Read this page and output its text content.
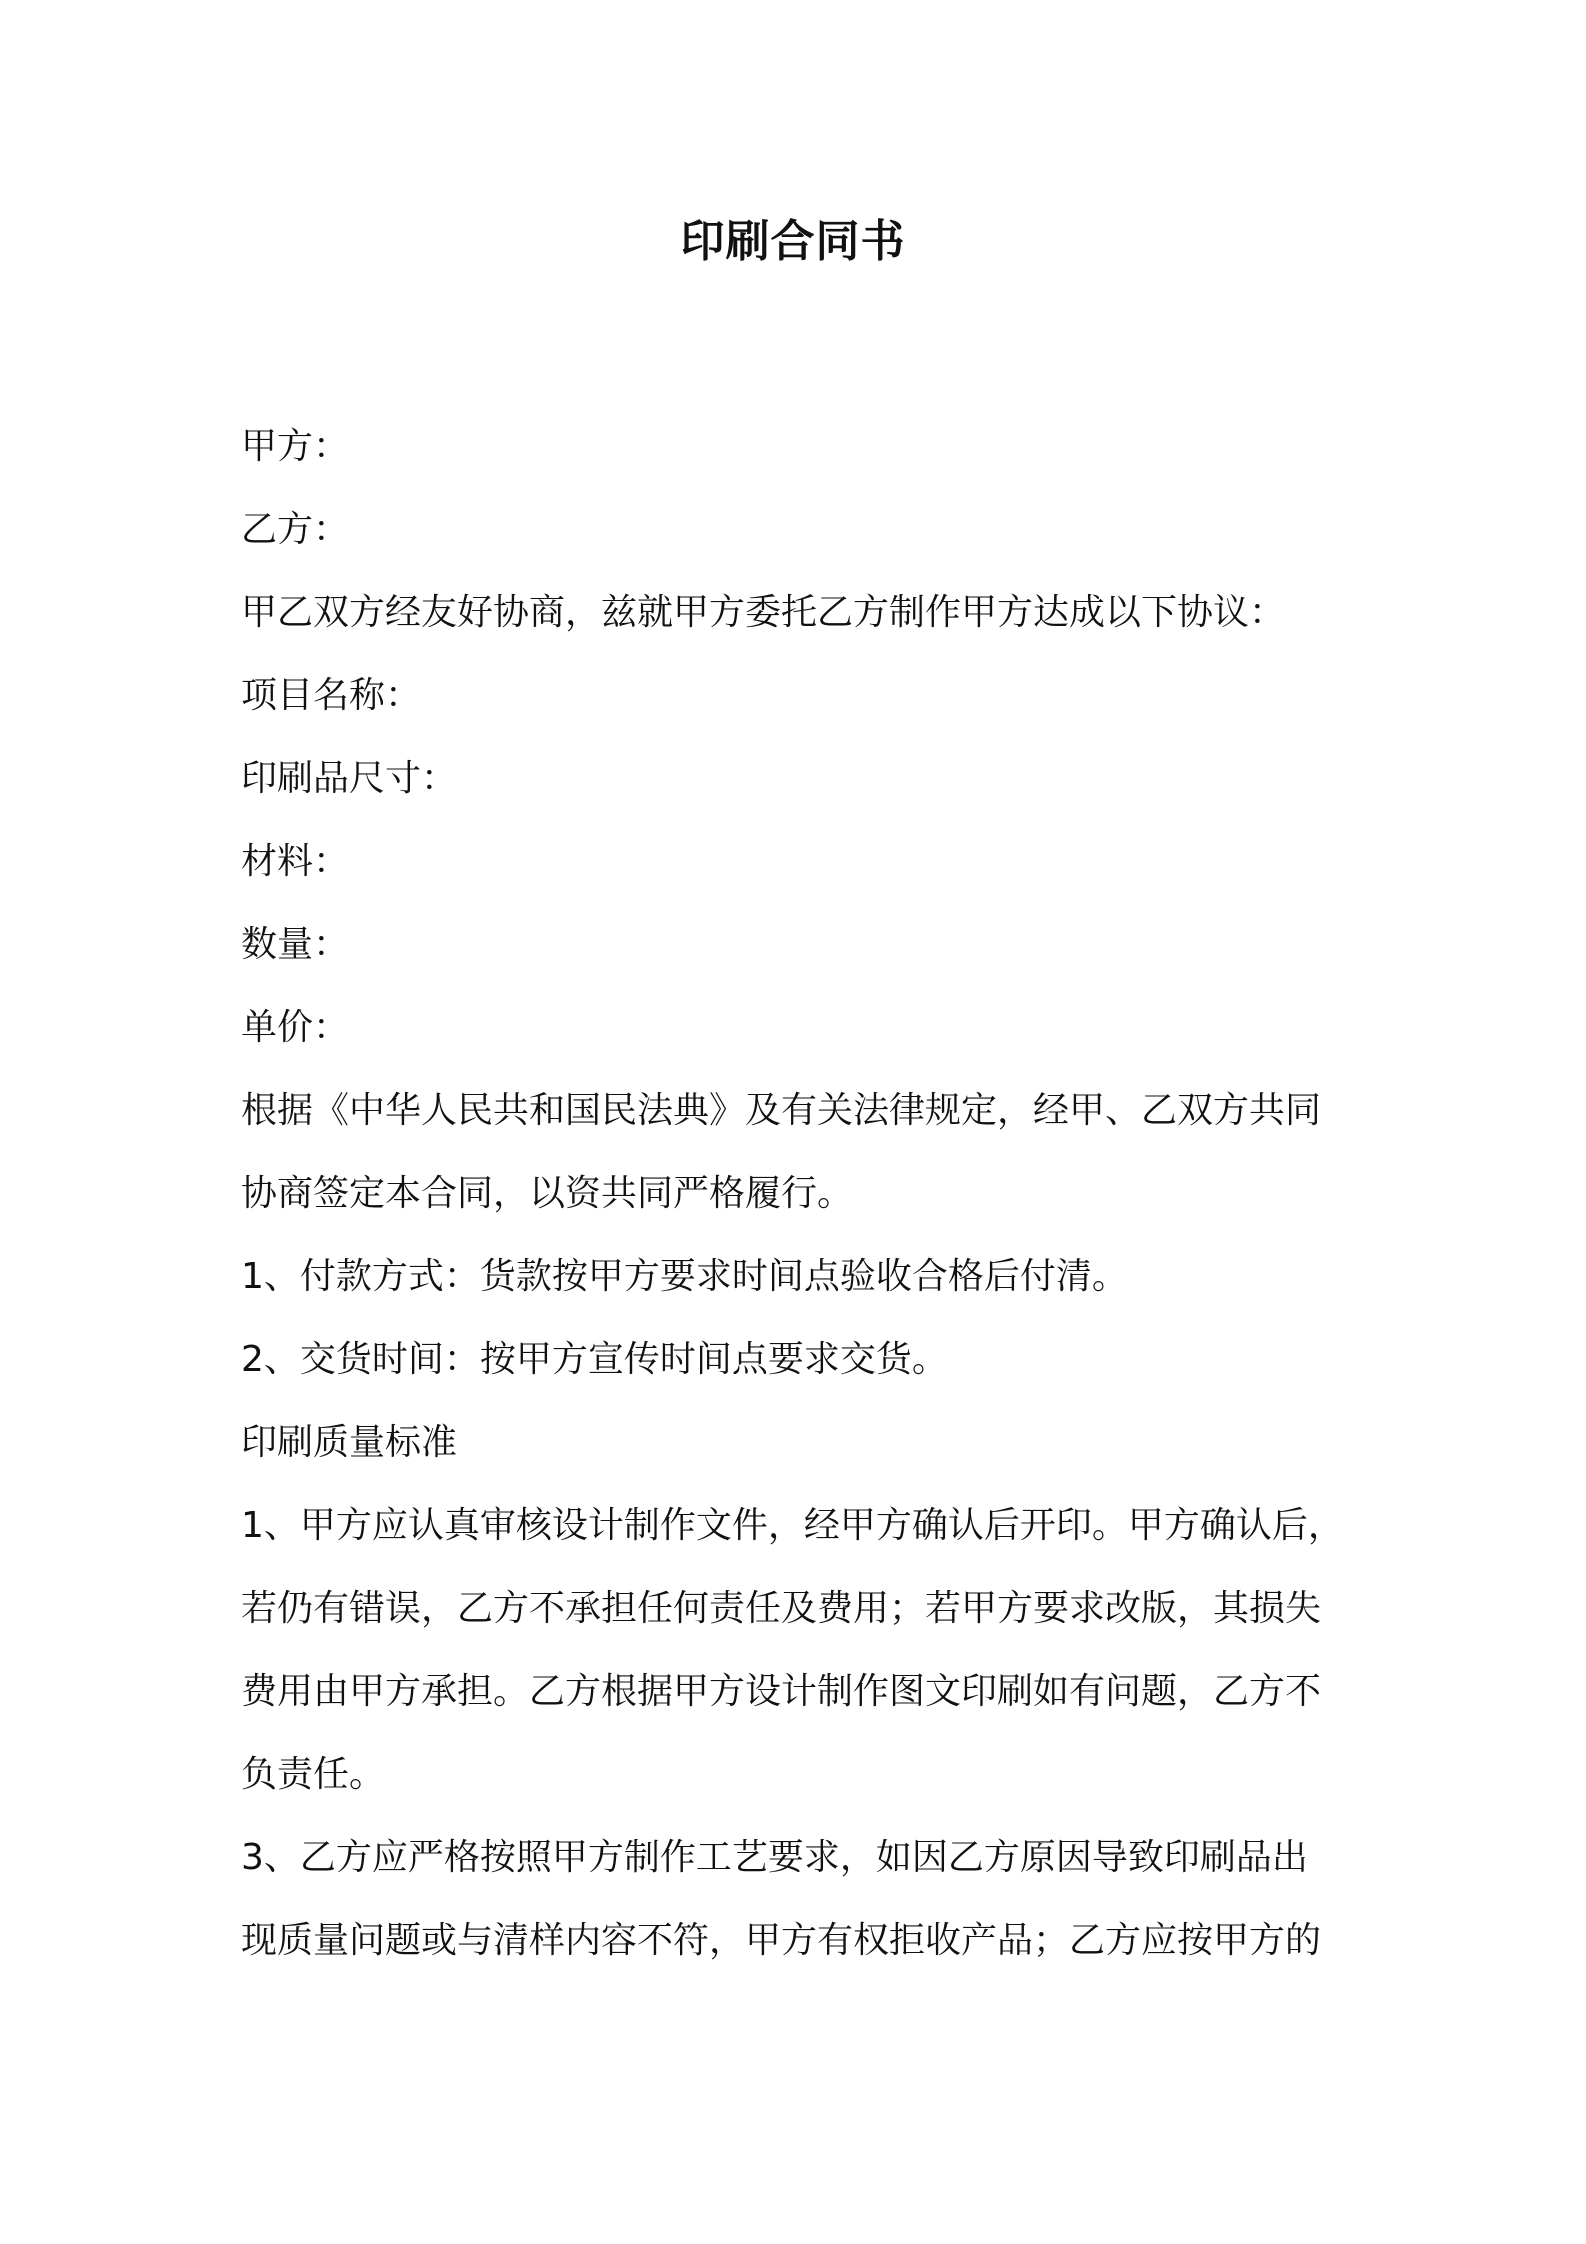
印刷合同书

甲方：

乙方：

甲乙双方经友好协商，兹就甲方委托乙方制作甲方达成以下协议：

项目名称：

印刷品尺寸：

材料：

数量：

单价：

根据《中华人民共和国民法典》及有关法律规定，经甲、乙双方共同

协商签定本合同，以资共同严格履行。

1、付款方式：货款按甲方要求时间点验收合格后付清。

2、交货时间：按甲方宣传时间点要求交货。

印刷质量标准

1、甲方应认真审核设计制作文件，经甲方确认后开印。甲方确认后，

若仍有错误，乙方不承担任何责任及费用；若甲方要求改版，其损失

费用由甲方承担。乙方根据甲方设计制作图文印刷如有问题，乙方不

负责任。

3、乙方应严格按照甲方制作工艺要求，如因乙方原因导致印刷品出

现质量问题或与清样内容不符，甲方有权拒收产品；乙方应按甲方的
